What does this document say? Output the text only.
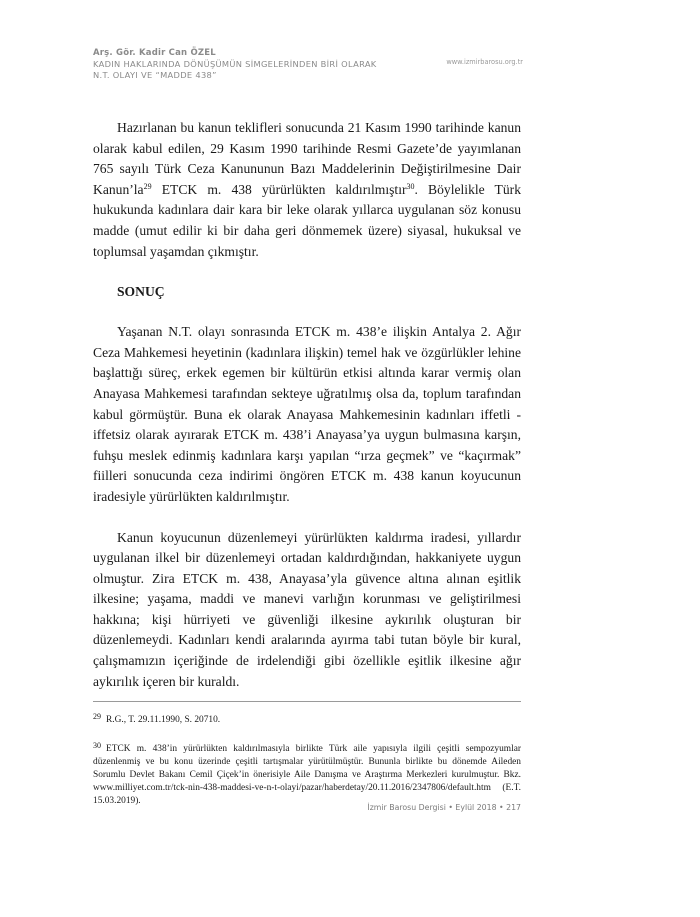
Arş. Gör. Kadir Can ÖZEL
KADIN HAKLARINDA DÖNÜŞÜMÜN SİMGELERİNDEN BİRİ OLARAK
N.T. OLAYI VE “MADDE 438”
www.izmirbarosu.org.tr

Hazırlanan bu kanun teklifleri sonucunda 21 Kasım 1990 tarihinde kanun olarak kabul edilen, 29 Kasım 1990 tarihinde Resmi Gazete’de yayımlanan 765 sayılı Türk Ceza Kanununun Bazı Maddelerinin Değiştirilmesine Dair $Kanun’la^{29}$ ETCK m. 438 yürürlükten kaldırılmıştır$^{30}$. Böylelikle Türk hukukunda kadınlara dair kara bir leke olarak yıllarca uygulanan söz konusu madde (umut edilir ki bir daha geri dönmemek üzere) siyasal, hukuksal ve toplumsal yaşamdan çıkmıştır.

SONUÇ

Yaşanan N.T. olayı sonrasında ETCK m. 438’e ilişkin Antalya 2. Ağır Ceza Mahkemesi heyetinin (kadınlara ilişkin) temel hak ve özgürlükler lehine başlattığı süreç, erkek egemen bir kültürün etkisi altında karar vermiş olan Anayasa Mahkemesi tarafından sekteye uğratılmış olsa da, toplum tarafından kabul görmüştür. Buna ek olarak Anayasa Mahkemesinin kadınları iffetli - iffetsiz olarak ayırarak ETCK m. 438’i Anayasa’ya uygun bulmasına karşın, fuhşu meslek edinmiş kadınlara karşı yapılan “ırza geçmek” ve “kaçırmak” fiilleri sonucunda ceza indirimi öngören ETCK m. 438 kanun koyucunun iradesiyle yürürlükten kaldırılmıştır.

Kanun koyucunun düzenlemeyi yürürlükten kaldırma iradesi, yıllardır uygulanan ilkel bir düzenlemeyi ortadan kaldırdığından, hakkaniyete uygun olmuştur. Zira ETCK m. 438, Anayasa’yla güvence altına alınan eşitlik ilkesine; yaşama, maddi ve manevi varlığın korunması ve geliştirilmesi hakkına; kişi hürriyeti ve güvenliği ilkesine aykırılık oluşturan bir düzenlemeydi. Kadınları kendi aralarında ayırma tabi tutan böyle bir kural, çalışmamızın içeriğinde de irdelendiği gibi özellikle eşitlik ilkesine ağır aykırılık içeren bir kuraldı.

29 R.G., T. 29.11.1990, S. 20710.
30 ETCK m. 438’in yürürlükten kaldırılmasıyla birlikte Türk aile yapısıyla ilgili çeşitli sempozyumlar düzenlenmiş ve bu konu üzerinde çeşitli tartışmalar yürütülmüştür. Bununla birlikte bu dönemde Aileden Sorumlu Devlet Bakanı Cemil Çiçek’in önerisiyle Aile Danışma ve Araştırma Merkezleri kurulmuştur. Bkz. www.milliyet.com.tr/tck-nin-438-maddesi-ve-n-t-olayi/pazar/haberdetay/20.11.2016/2347806/default.htm (E.T. 15.03.2019).
İzmir Barosu Dergisi • Eylül 2018 • 217
